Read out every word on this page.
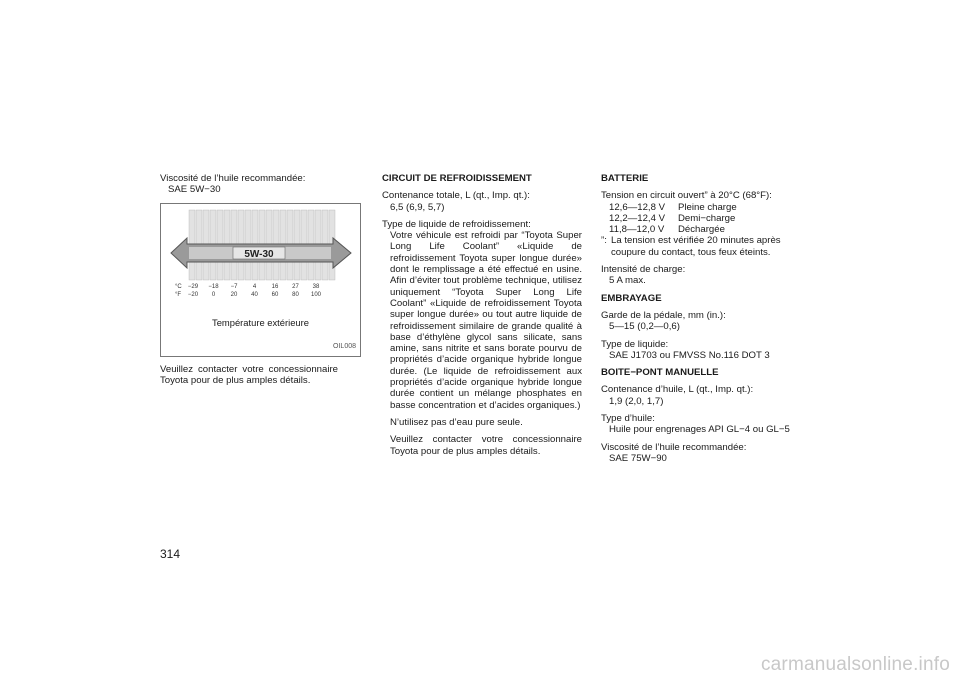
Viscosité de l’huile recommandée:

SAE 5W−30

5W-30
°C
°F
−29 −18 −7	4	16 27 38
−20 0	20 40 60 80 100
Température extérieure
OIL008

Veuillez contacter votre concessionnaire Toyota pour de plus amples détails.

CIRCUIT DE REFROIDISSEMENT

Contenance totale, L (qt., Imp. qt.):

6,5 (6,9, 5,7)

Type de liquide de refroidissement:

Votre véhicule est refroidi par “Toyota Super Long Life Coolant” «Liquide de refroidissement Toyota super longue durée» dont le remplissage a été effectué en usine. Afin d’éviter tout problème technique, utilisez uniquement “Toyota Super Long Life Coolant” «Liquide de refroidissement Toyota super longue durée» ou tout autre liquide de refroidissement similaire de grande qualité à base d’éthylène glycol sans silicate, sans amine, sans nitrite et sans borate pourvu de propriétés d’acide organique hybride longue durée. (Le liquide de refroidissement aux propriétés d’acide organique hybride longue durée contient un mélange phosphates en basse concentration et d’acides organiques.)

N’utilisez pas d’eau pure seule.

Veuillez contacter votre concessionnaire Toyota pour de plus amples détails.

BATTERIE

Tension en circuit ouvert” à 20°C (68°F):

12,6—12,8 V	Pleine charge
12,2—12,4 V	Demi−charge
11,8—12,0 V	Déchargée
”: La tension est vérifiée 20 minutes après coupure du contact, tous feux éteints.

Intensité de charge:

5 A max.

EMBRAYAGE

Garde de la pédale, mm (in.):

5—15 (0,2—0,6)

Type de liquide:

SAE J1703 ou FMVSS No.116 DOT 3

BOITE−PONT MANUELLE

Contenance d’huile, L (qt., Imp. qt.):

1,9 (2,0, 1,7)

Type d’huile:

Huile pour engrenages API GL−4 ou GL−5

Viscosité de l’huile recommandée:

SAE 75W−90

314
carmanualsonline.info
